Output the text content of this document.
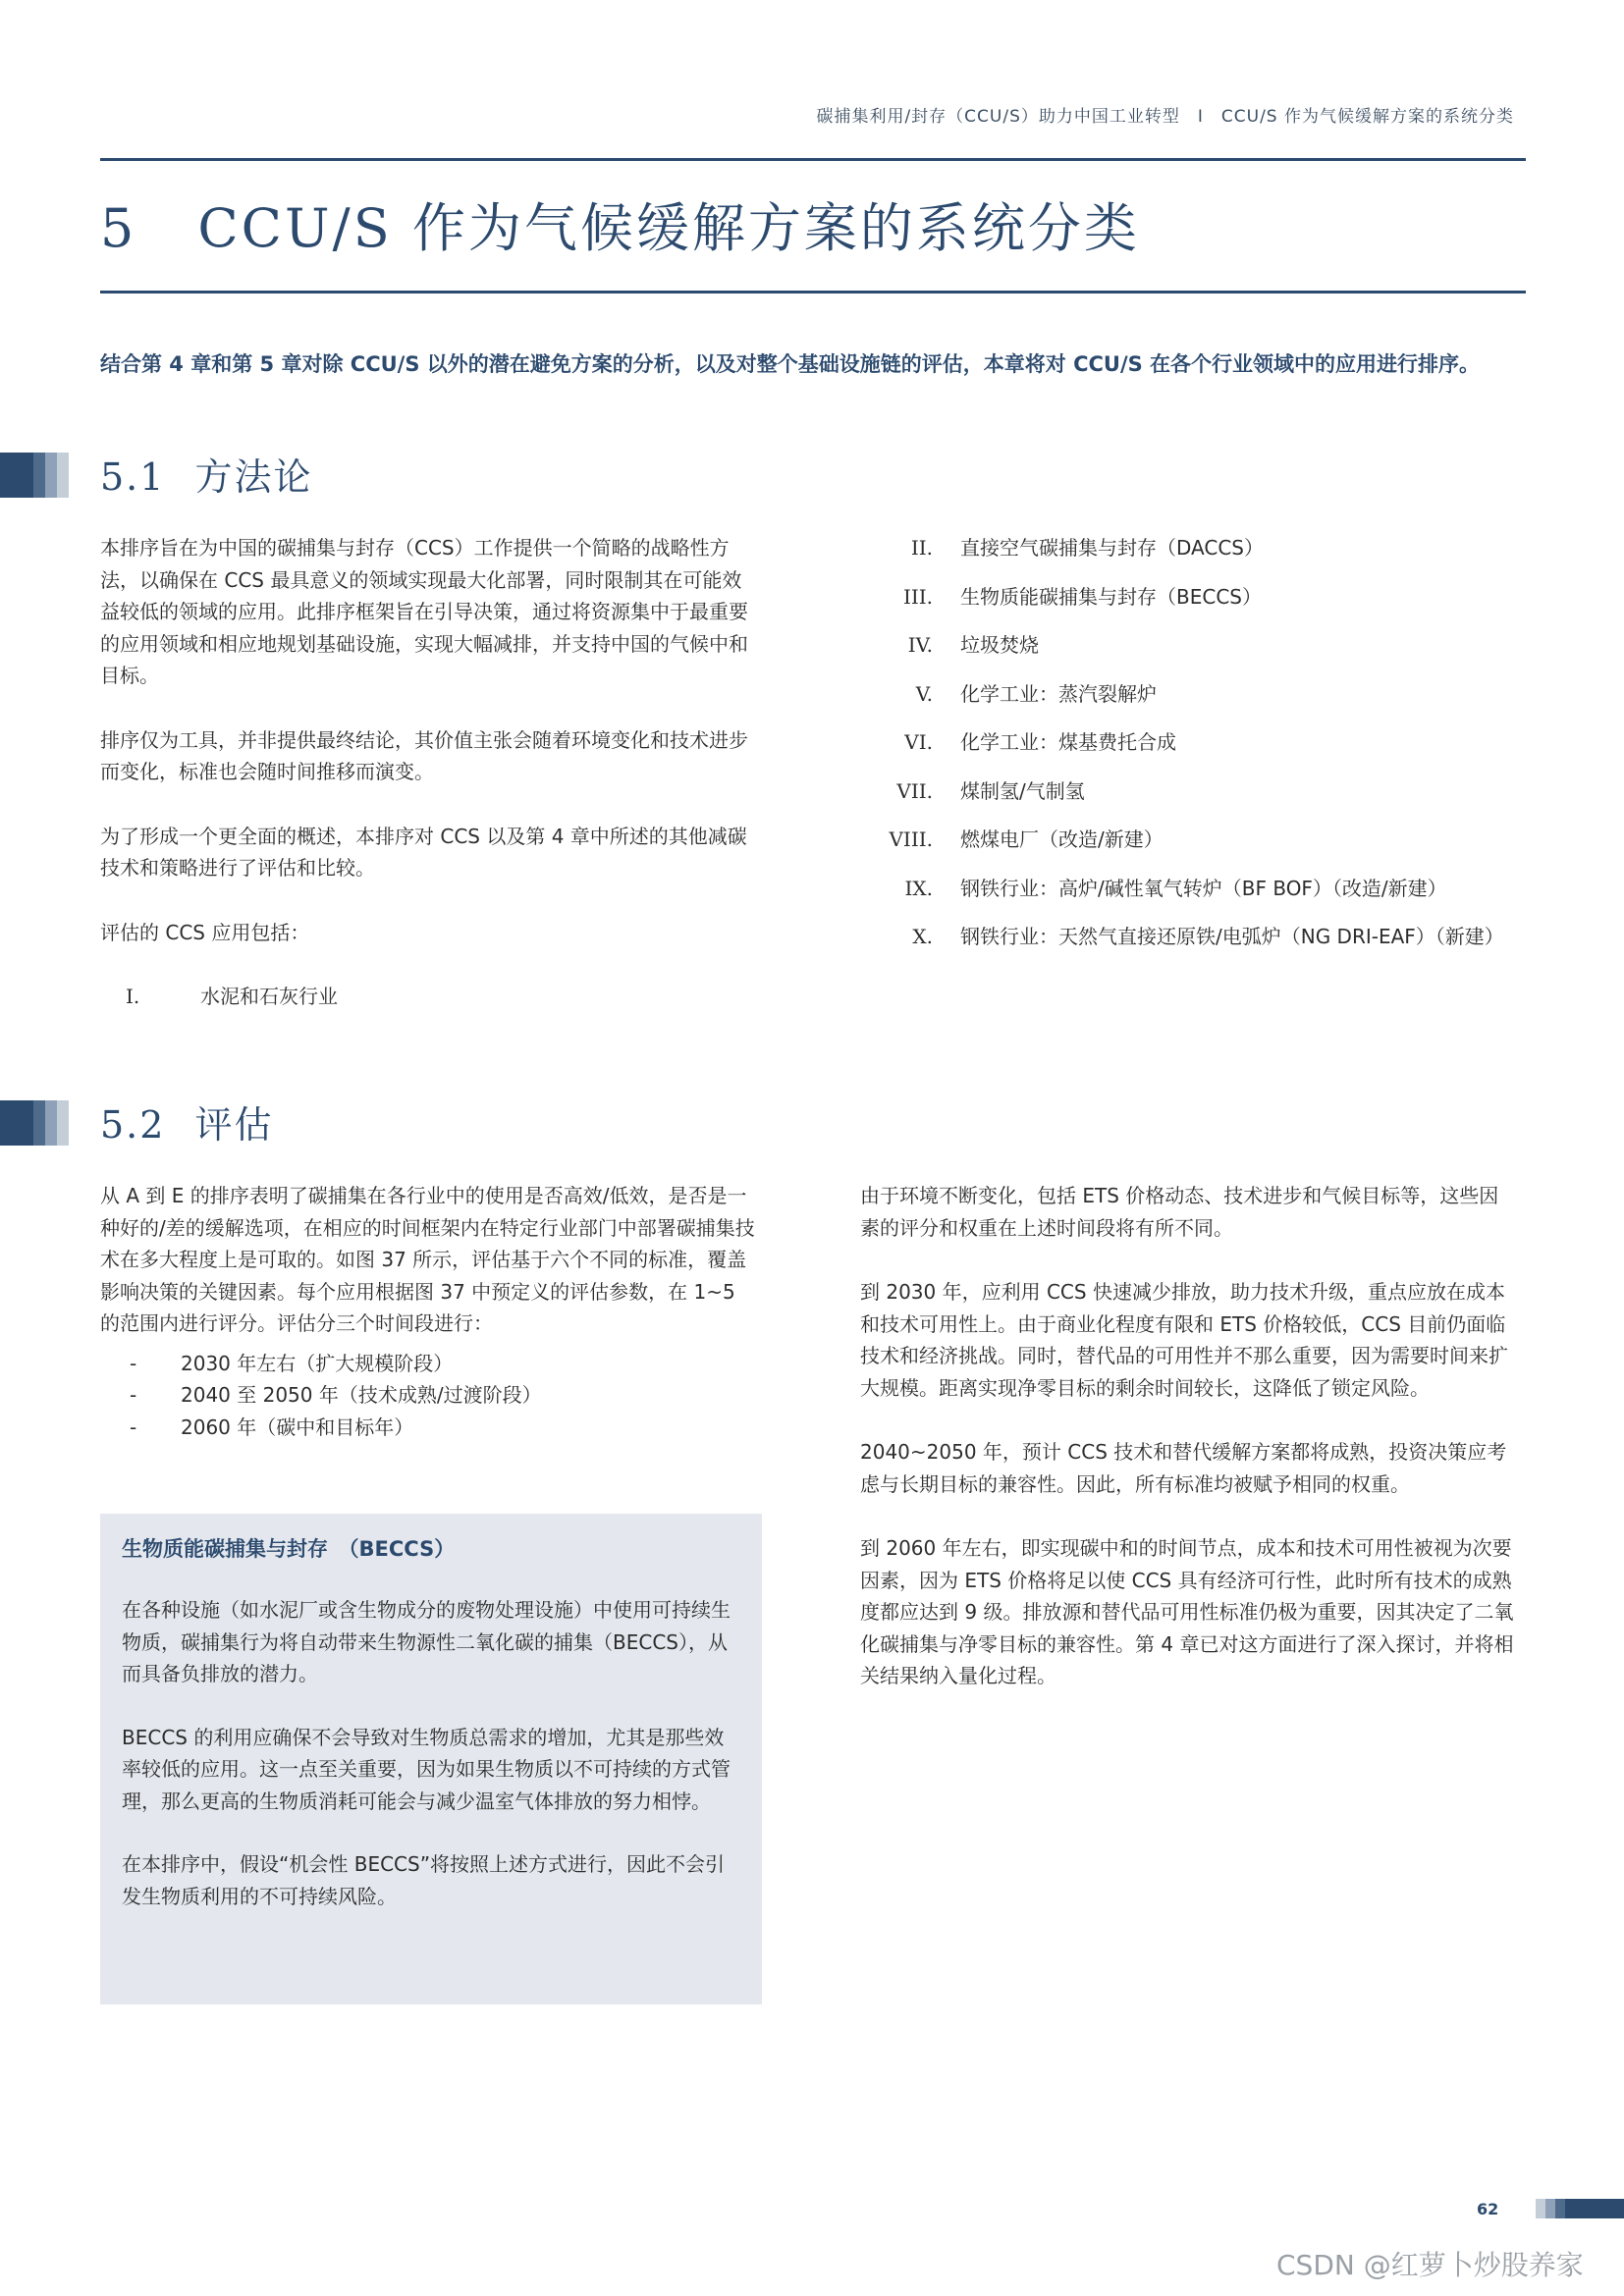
碳捕集利用/封存（CCU/S）助力中国工业转型　I　CCU/S 作为气候缓解方案的系统分类
5 CCU/S 作为气候缓解方案的系统分类
结合第 4 章和第 5 章对除 CCU/S 以外的潜在避免方案的分析，以及对整个基础设施链的评估，本章将对 CCU/S 在各个行业领域中的应用进行排序。
5.1 方法论

本排序旨在为中国的碳捕集与封存（CCS）工作提供一个简略的战略性方法，以确保在 CCS 最具意义的领域实现最大化部署，同时限制其在可能效益较低的领域的应用。此排序框架旨在引导决策，通过将资源集中于最重要的应用领域和相应地规划基础设施，实现大幅减排，并支持中国的气候中和目标。

排序仅为工具，并非提供最终结论，其价值主张会随着环境变化和技术进步而变化，标准也会随时间推移而演变。

为了形成一个更全面的概述，本排序对 CCS 以及第 4 章中所述的其他减碳技术和策略进行了评估和比较。

评估的 CCS 应用包括：

I.	水泥和石灰行业
II.	直接空气碳捕集与封存（DACCS）
III.	生物质能碳捕集与封存（BECCS）
IV.	垃圾焚烧
V.	化学工业：蒸汽裂解炉
VI.	化学工业：煤基费托合成
VII.	煤制氢/气制氢
VIII.	燃煤电厂（改造/新建）
IX.	钢铁行业：高炉/碱性氧气转炉（BF BOF）（改造/新建）
X.	钢铁行业：天然气直接还原铁/电弧炉（NG DRI-EAF）（新建）
5.2 评估

从 A 到 E 的排序表明了碳捕集在各行业中的使用是否高效/低效，是否是一种好的/差的缓解选项，在相应的时间框架内在特定行业部门中部署碳捕集技术在多大程度上是可取的。如图 37 所示，评估基于六个不同的标准，覆盖影响决策的关键因素。每个应用根据图 37 中预定义的评估参数，在 1~5 的范围内进行评分。评估分三个时间段进行：

-	2030 年左右（扩大规模阶段）
-	2040 至 2050 年（技术成熟/过渡阶段）
-	2060 年（碳中和目标年）
生物质能碳捕集与封存　（BECCS）

在各种设施（如水泥厂或含生物成分的废物处理设施）中使用可持续生物质，碳捕集行为将自动带来生物源性二氧化碳的捕集（BECCS），从而具备负排放的潜力。

BECCS 的利用应确保不会导致对生物质总需求的增加，尤其是那些效率较低的应用。这一点至关重要，因为如果生物质以不可持续的方式管理，那么更高的生物质消耗可能会与减少温室气体排放的努力相悖。

在本排序中，假设“机会性 BECCS”将按照上述方式进行，因此不会引发生物质利用的不可持续风险。

由于环境不断变化，包括 ETS 价格动态、技术进步和气候目标等，这些因素的评分和权重在上述时间段将有所不同。

到 2030 年，应利用 CCS 快速减少排放，助力技术升级，重点应放在成本和技术可用性上。由于商业化程度有限和 ETS 价格较低，CCS 目前仍面临技术和经济挑战。同时，替代品的可用性并不那么重要，因为需要时间来扩大规模。距离实现净零目标的剩余时间较长，这降低了锁定风险。

2040~2050 年，预计 CCS 技术和替代缓解方案都将成熟，投资决策应考虑与长期目标的兼容性。因此，所有标准均被赋予相同的权重。

到 2060 年左右，即实现碳中和的时间节点，成本和技术可用性被视为次要因素，因为 ETS 价格将足以使 CCS 具有经济可行性，此时所有技术的成熟度都应达到 9 级。排放源和替代品可用性标准仍极为重要，因其决定了二氧化碳捕集与净零目标的兼容性。第 4 章已对这方面进行了深入探讨，并将相关结果纳入量化过程。

62
CSDN @红萝卜炒股养家
